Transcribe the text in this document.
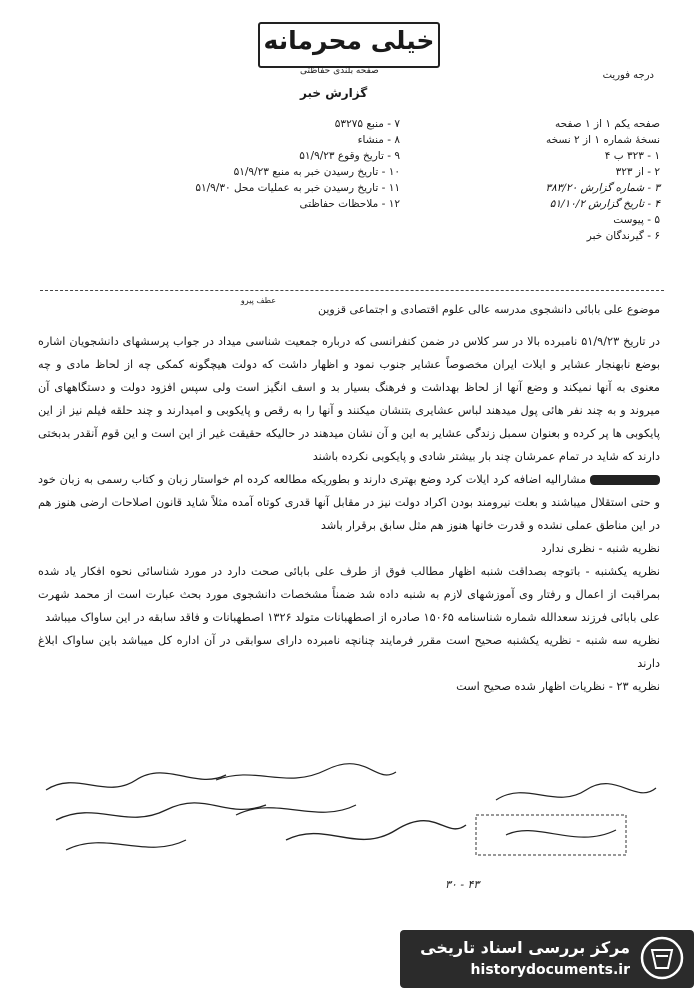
خیلی محرمانه
صفحه بلندی حفاظتی
گزارش خبر
درجه فوریت
صفحه یکم ۱ از ۱ صفحه
نسخهٔ شماره ۱ از ۲ نسخه
۱ - ۳۲۳ ب ۴
۲ - از ۳۲۳
۳ - شماره گزارش ۳۸۳/۲۰
۴ - تاریخ گزارش ۵۱/۱۰/۲
۵ - پیوست
۶ - گیرندگان خبر
۷ - منبع ۵۳۲۷۵
۸ - منشاء
۹ - تاریخ وقوع ۵۱/۹/۲۳
۱۰ - تاریخ رسیدن خبر به منبع ۵۱/۹/۲۳
۱۱ - تاریخ رسیدن خبر به عملیات محل ۵۱/۹/۳۰
۱۲ - ملاحظات حفاظتی
موضوع علی بابائی دانشجوی مدرسه عالی علوم اقتصادی و اجتماعی قزوین
عطف پیرو

در تاریخ ۵۱/۹/۲۳ نامبرده بالا در سر کلاس در ضمن کنفرانسی که درباره جمعیت شناسی میداد در جواب پرسشهای دانشجویان اشاره بوضع نابهنجار عشایر و ایلات ایران مخصوصاً عشایر جنوب نمود و اظهار داشت که دولت هیچگونه کمکی چه از لحاظ مادی و چه معنوی به آنها نمیکند و وضع آنها از لحاظ بهداشت و فرهنگ بسیار بد و اسف انگیز است ولی سپس افزود دولت و دستگاههای آن میروند و به چند نفر هائی پول میدهند لباس عشایری بتنشان میکنند و آنها را به رقص و پایکوبی و امیدارند و چند حلقه فیلم نیز از این پایکوبی ها پر کرده و بعنوان سمبل زندگی عشایر به این و آن نشان میدهند در حالیکه حقیقت غیر از این است و این قوم آنقدر بدبختی دارند که شاید در تمام عمرشان چند بار بیشتر شادی و پایکوبی نکرده باشند

مشارالیه اضافه کرد ایلات کرد وضع بهتری دارند و بطوریکه مطالعه کرده ام خواستار زبان و کتاب رسمی به زبان خود و حتی استقلال میباشند و بعلت نیرومند بودن اکراد دولت نیز در مقابل آنها قدری کوتاه آمده مثلاً شاید قانون اصلاحات ارضی هنوز هم در این مناطق عملی نشده و قدرت خانها هنوز هم مثل سابق برقرار باشد

نظریه شنبه - نظری ندارد

نظریه یکشنبه - باتوجه بصداقت شنبه اظهار مطالب فوق از طرف علی بابائی صحت دارد در مورد شناسائی نحوه افکار یاد شده بمراقبت از اعمال و رفتار وی آموزشهای لازم به شنبه داده شد ضمناً مشخصات دانشجوی مورد بحث عبارت است از محمد شهرت علی بابائی فرزند سعدالله شماره شناسنامه ۱۵۰۶۵ صادره از اصطهبانات متولد ۱۳۲۶ اصطهبانات و فاقد سابقه در این ساواک میباشد

نظریه سه شنبه - نظریه یکشنبه صحیح است مقرر فرمایند چنانچه نامبرده دارای سوابقی در آن اداره کل میباشد باین ساواک ابلاغ دارند

نظریه ۲۳ - نظریات اظهار شده صحیح است

۳۰ - ۴۳
مرکز بررسی اسناد تاریخی
historydocuments.ir
